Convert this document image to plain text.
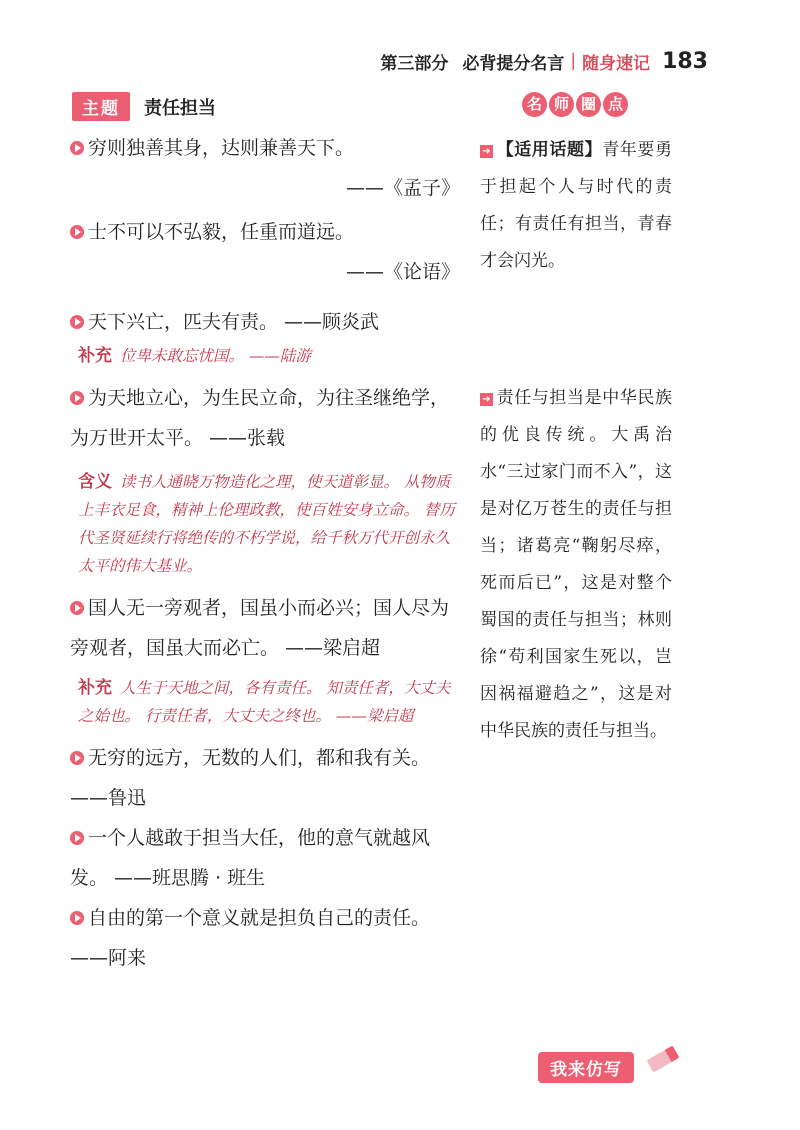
第三部分 必背提分名言 | 随身速记 183
主题	责任担当
穷则独善其身，达则兼善天下。
——《孟子》
士不可以不弘毅，任重而道远。
——《论语》
天下兴亡，匹夫有责。 ——顾炎武
补充 位卑未敢忘忧国。 ——陆游
为天地立心，为生民立命，为往圣继绝学，为万世开太平。 ——张载
含义 读书人通晓万物造化之理，使天道彰显。 从物质上丰衣足食，精神上伦理政教，使百姓安身立命。 替历代圣贤延续行将绝传的不朽学说，给千秋万代开创永久太平的伟大基业。
国人无一旁观者，国虽小而必兴；国人尽为旁观者，国虽大而必亡。 ——梁启超
补充 人生于天地之间，各有责任。 知责任者，大丈夫之始也。 行责任者，大丈夫之终也。 ——梁启超
无穷的远方，无数的人们，都和我有关。 ——鲁迅
一个人越敢于担当大任，他的意气就越风发。 ——班思腾 · 班生
自由的第一个意义就是担负自己的责任。 ——阿来
名 师 圈 点
➔ 【适用话题】青年要勇于担起个人与时代的责任；有责任有担当，青春才会闪光。
➔ 责任与担当是中华民族的优良传统。大禹治水“三过家门而不入”，这是对亿万苍生的责任与担当；诸葛亮“鞠躬尽瘁，死而后已”，这是对整个蜀国的责任与担当；林则徐“苟利国家生死以，岂因祸福避趋之”，这是对中华民族的责任与担当。
我来仿写
